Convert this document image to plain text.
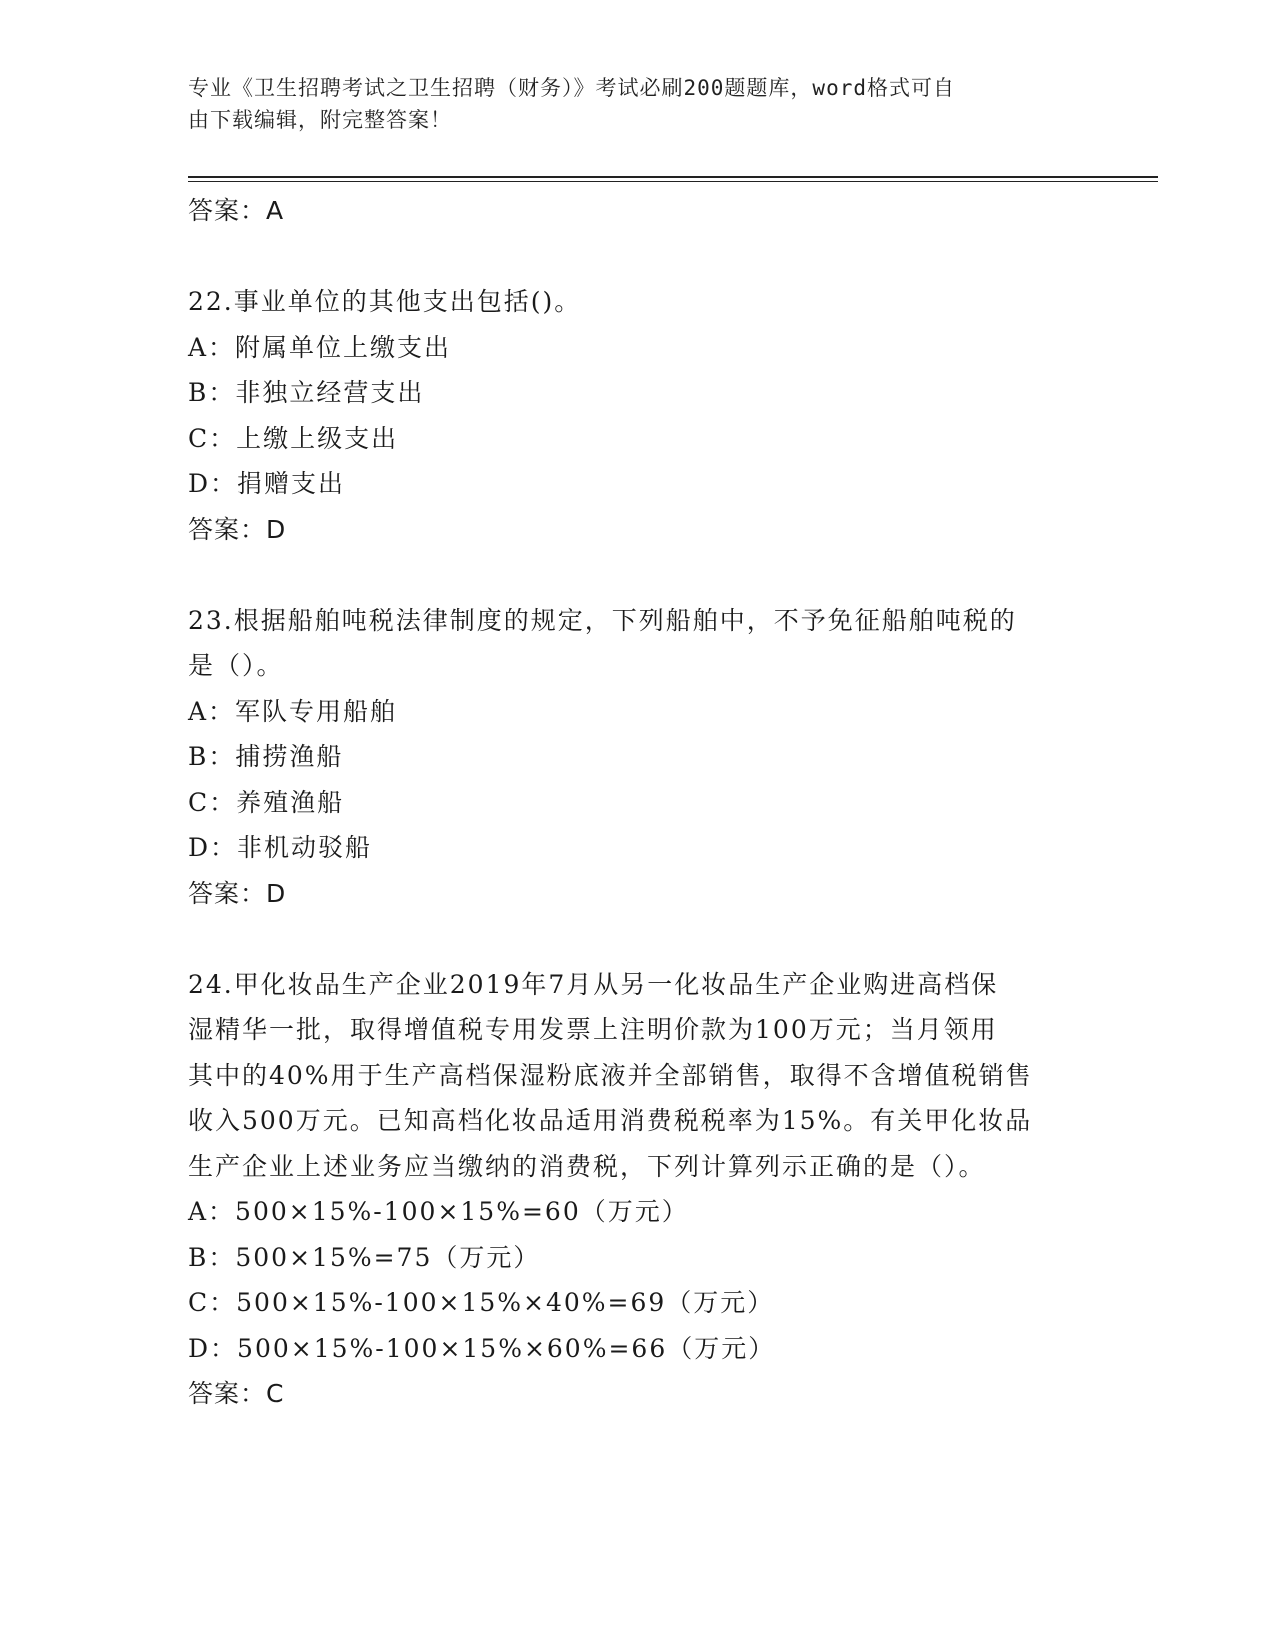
专业《卫生招聘考试之卫生招聘（财务）》考试必刷200题题库，word格式可自
由下载编辑，附完整答案！
答案：A
22.事业单位的其他支出包括()。
A：附属单位上缴支出
B：非独立经营支出
C：上缴上级支出
D：捐赠支出
答案：D
23.根据船舶吨税法律制度的规定，下列船舶中，不予免征船舶吨税的
是（）。
A：军队专用船舶
B：捕捞渔船
C：养殖渔船
D：非机动驳船
答案：D
24.甲化妆品生产企业2019年7月从另一化妆品生产企业购进高档保
湿精华一批，取得增值税专用发票上注明价款为100万元；当月领用
其中的40%用于生产高档保湿粉底液并全部销售，取得不含增值税销售
收入500万元。已知高档化妆品适用消费税税率为15%。有关甲化妆品
生产企业上述业务应当缴纳的消费税，下列计算列示正确的是（）。
A：500×15%-100×15%=60（万元）
B：500×15%=75（万元）
C：500×15%-100×15%×40%=69（万元）
D：500×15%-100×15%×60%=66（万元）
答案：C
